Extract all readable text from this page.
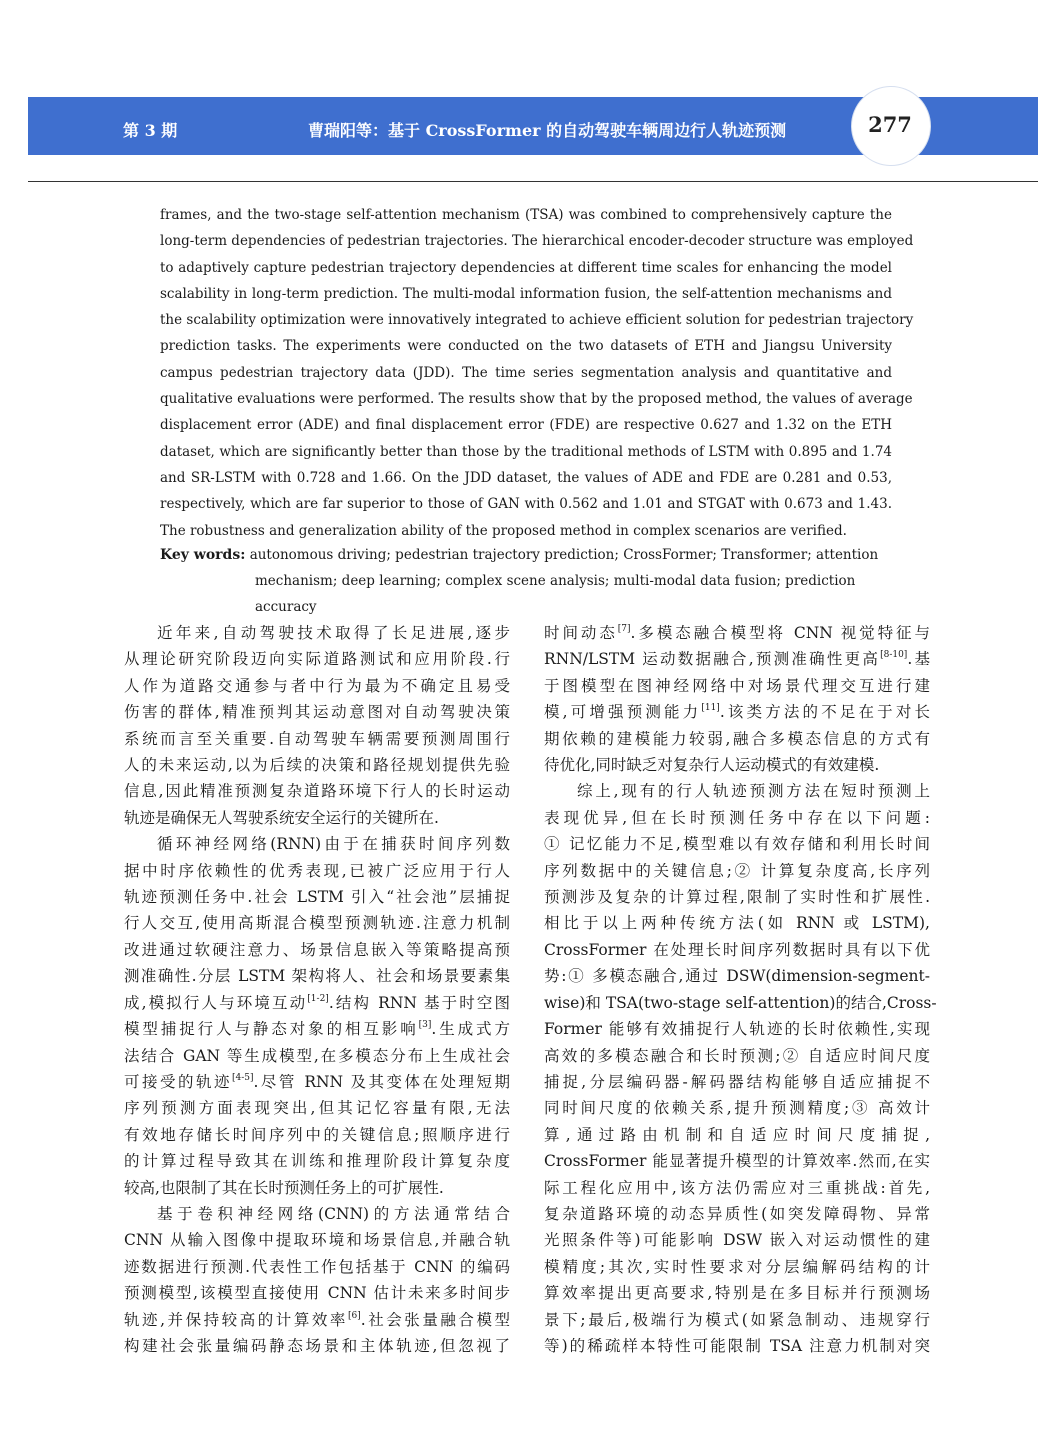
第 3 期	曹瑞阳等：基于 CrossFormer 的自动驾驶车辆周边行人轨迹预测	277
frames, and the two-stage self-attention mechanism (TSA) was combined to comprehensively capture the
long-term dependencies of pedestrian trajectories. The hierarchical encoder-decoder structure was employed
to adaptively capture pedestrian trajectory dependencies at different time scales for enhancing the model
scalability in long-term prediction. The multi-modal information fusion, the self-attention mechanisms and
the scalability optimization were innovatively integrated to achieve efficient solution for pedestrian trajectory
prediction tasks. The experiments were conducted on the two datasets of ETH and Jiangsu University
campus pedestrian trajectory data (JDD). The time series segmentation analysis and quantitative and
qualitative evaluations were performed. The results show that by the proposed method, the values of average
displacement error (ADE) and final displacement error (FDE) are respective 0.627 and 1.32 on the ETH
dataset, which are significantly better than those by the traditional methods of LSTM with 0.895 and 1.74
and SR-LSTM with 0.728 and 1.66. On the JDD dataset, the values of ADE and FDE are 0.281 and 0.53,
respectively, which are far superior to those of GAN with 0.562 and 1.01 and STGAT with 0.673 and 1.43.
The robustness and generalization ability of the proposed method in complex scenarios are verified.
Key words: autonomous driving; pedestrian trajectory prediction; CrossFormer; Transformer; attention
mechanism; deep learning; complex scene analysis; multi-modal data fusion; prediction accuracy
近年来,自动驾驶技术取得了长足进展,逐步
从理论研究阶段迈向实际道路测试和应用阶段.行
人作为道路交通参与者中行为最为不确定且易受
伤害的群体,精准预判其运动意图对自动驾驶决策
系统而言至关重要.自动驾驶车辆需要预测周围行
人的未来运动,以为后续的决策和路径规划提供先验
信息,因此精准预测复杂道路环境下行人的长时运动
轨迹是确保无人驾驶系统安全运行的关键所在.
循环神经网络(RNN)由于在捕获时间序列数
据中时序依赖性的优秀表现,已被广泛应用于行人
轨迹预测任务中.社会 LSTM 引入“社会池”层捕捉
行人交互,使用高斯混合模型预测轨迹.注意力机制
改进通过软硬注意力、场景信息嵌入等策略提高预
测准确性.分层 LSTM 架构将人、社会和场景要素集
成,模拟行人与环境互动[1-2].结构 RNN 基于时空图
模型捕捉行人与静态对象的相互影响[3].生成式方
法结合 GAN 等生成模型,在多模态分布上生成社会
可接受的轨迹[4-5].尽管 RNN 及其变体在处理短期
序列预测方面表现突出,但其记忆容量有限,无法
有效地存储长时间序列中的关键信息;照顺序进行
的计算过程导致其在训练和推理阶段计算复杂度
较高,也限制了其在长时预测任务上的可扩展性.
基于卷积神经网络(CNN)的方法通常结合
CNN 从输入图像中提取环境和场景信息,并融合轨
迹数据进行预测.代表性工作包括基于 CNN 的编码
预测模型,该模型直接使用 CNN 估计未来多时间步
轨迹,并保持较高的计算效率[6].社会张量融合模型
构建社会张量编码静态场景和主体轨迹,但忽视了
时间动态[7].多模态融合模型将 CNN 视觉特征与
RNN/LSTM 运动数据融合,预测准确性更高[8-10].基
于图模型在图神经网络中对场景代理交互进行建
模,可增强预测能力[11].该类方法的不足在于对长
期依赖的建模能力较弱,融合多模态信息的方式有
待优化,同时缺乏对复杂行人运动模式的有效建模.
综上,现有的行人轨迹预测方法在短时预测上
表现优异,但在长时预测任务中存在以下问题:
① 记忆能力不足,模型难以有效存储和利用长时间
序列数据中的关键信息;② 计算复杂度高,长序列
预测涉及复杂的计算过程,限制了实时性和扩展性.
相比于以上两种传统方法(如 RNN 或 LSTM),
CrossFormer 在处理长时间序列数据时具有以下优
势:① 多模态融合,通过 DSW(dimension-segment-
wise)和 TSA(two-stage self-attention)的结合,Cross-
Former 能够有效捕捉行人轨迹的长时依赖性,实现
高效的多模态融合和长时预测;② 自适应时间尺度
捕捉,分层编码器-解码器结构能够自适应捕捉不
同时间尺度的依赖关系,提升预测精度;③ 高效计
算,通过路由机制和自适应时间尺度捕捉,
CrossFormer 能显著提升模型的计算效率.然而,在实
际工程化应用中,该方法仍需应对三重挑战:首先,
复杂道路环境的动态异质性(如突发障碍物、异常
光照条件等)可能影响 DSW 嵌入对运动惯性的建
模精度;其次,实时性要求对分层编解码结构的计
算效率提出更高要求,特别是在多目标并行预测场
景下;最后,极端行为模式(如紧急制动、违规穿行
等)的稀疏样本特性可能限制 TSA 注意力机制对突
